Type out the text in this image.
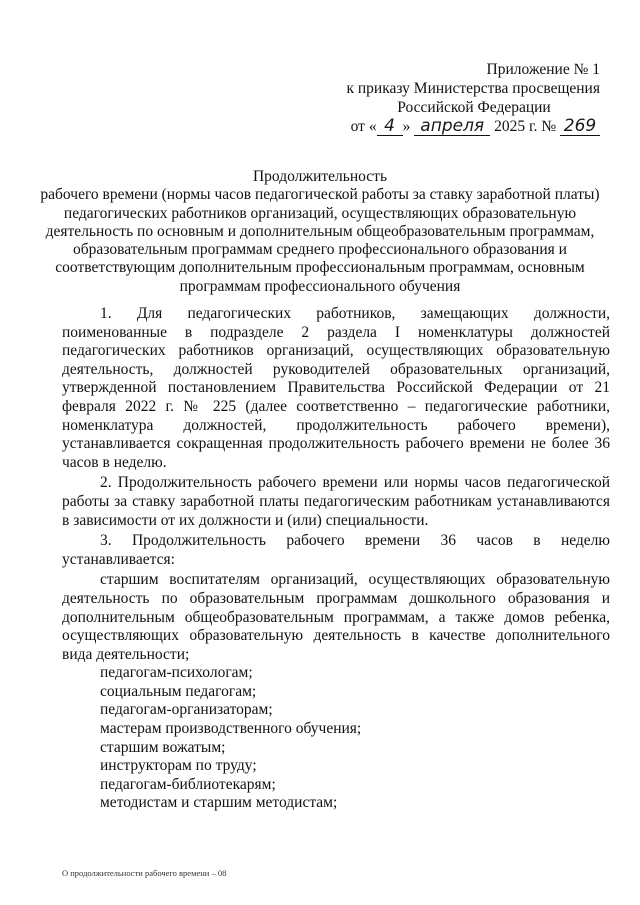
Приложение № 1
к приказу Министерства просвещения
Российской Федерации
от « 4 » апреля 2025 г. № 269
Продолжительность
рабочего времени (нормы часов педагогической работы за ставку заработной платы)
педагогических работников организаций, осуществляющих образовательную
деятельность по основным и дополнительным общеобразовательным программам,
образовательным программам среднего профессионального образования и
соответствующим дополнительным профессиональным программам, основным
программам профессионального обучения

1. Для педагогических работников, замещающих должности, поименованные в подразделе 2 раздела I номенклатуры должностей педагогических работников организаций, осуществляющих образовательную деятельность, должностей руководителей образовательных организаций, утвержденной постановлением Правительства Российской Федерации от 21 февраля 2022 г. № 225 (далее соответственно – педагогические работники, номенклатура должностей, продолжительность рабочего времени), устанавливается сокращенная продолжительность рабочего времени не более 36 часов в неделю.

2. Продолжительность рабочего времени или нормы часов педагогической работы за ставку заработной платы педагогическим работникам устанавливаются в зависимости от их должности и (или) специальности.

3. Продолжительность рабочего времени 36 часов в неделю устанавливается:

старшим воспитателям организаций, осуществляющих образовательную деятельность по образовательным программам дошкольного образования и дополнительным общеобразовательным программам, а также домов ребенка, осуществляющих образовательную деятельность в качестве дополнительного вида деятельности;

педагогам-психологам;

социальным педагогам;

педагогам-организаторам;

мастерам производственного обучения;

старшим вожатым;

инструкторам по труду;

педагогам-библиотекарям;

методистам и старшим методистам;

О продолжительности рабочего времени – 08
